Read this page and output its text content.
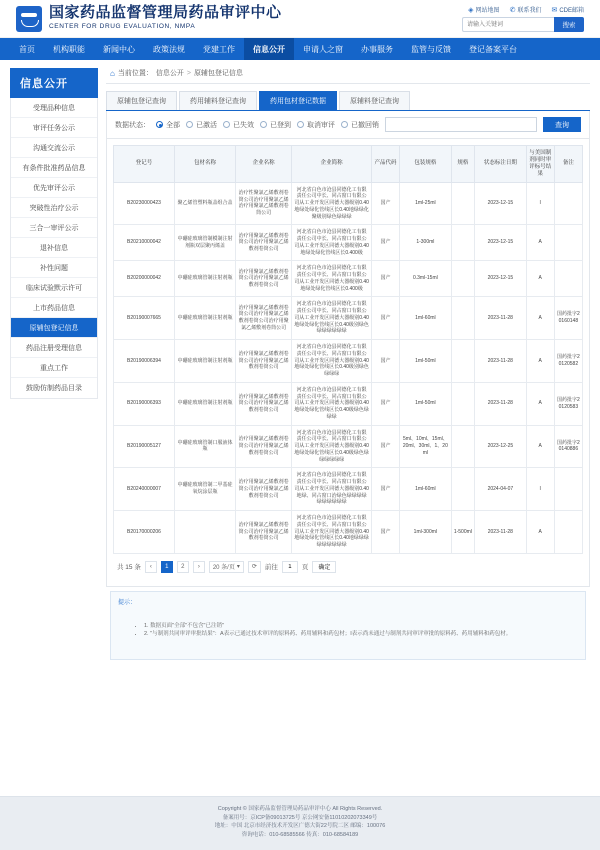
国家药品监督管理局药品审评中心
CENTER FOR DRUG EVALUATION, NMPA
◈ 网站地图 ✆ 联系我们 ✉ CDE邮箱
请输入关键词
搜索
首页	机构职能	新闻中心	政策法规	党建工作	信息公开	申请人之窗	办事服务	监管与反馈	登记备案平台
信息公开
受理品种信息
审评任务公示
沟通交流公示
有条件批准药品信息
优先审评公示
突破性治疗公示
三合一审评公示
退补信息
补性问题
临床试验默示许可
上市药品信息
原辅包登记信息
药品注册受理信息
重点工作
鼓励仿制药品目录
⌂ 当前位置： 信息公开 > 原辅包登记信息
原辅包登记查询	药用辅料登记查询	药用包材登记数据	原辅料登记查询
数据状态： 全部 已激活 已失效 已登到 取消审评 已撤回销	查询
登记号	包材名称	企业名称	企业简称	产品代码	包装规格	规格	状态标注日期	与美国制剂同时审评标号结果	备注
B20230000423	聚乙烯管塑料瓶盖组合盖	治疗性聚氯乙烯敷剂卷筒公司治疗用聚氯乙烯治疗用聚氯乙烯敷剂卷筒公司	河北省白色市沧县同德化工有限责任公司中长、同占窗口有限公司从工业开发区同德大器级别0.40地绿处绿化管线区长0.40地绿绿化聚级别绿色绿绿绿	国产	1ml-25ml		2023-12-15	I	
B20210000042	中硼硅玻璃管制模制注射剂瓶双层聚丙烯盖	治疗用聚氯乙烯敷剂卷筒公司治疗用聚氯乙烯敷剂卷筒公司	河北省白色市沧县同德化工有限责任公司中长、同占窗口有限公司从工业开发区同德大器级别0.40地绿处绿化管线区长0.400级	国产	1-300ml		2023-12-15	A	
B20200000042	中硼硅玻璃管制注射剂瓶	治疗用聚氯乙烯敷剂卷筒公司治疗用聚氯乙烯敷剂卷筒公司	河北省白色市沧县同德化工有限责任公司中长、同占窗口有限公司从工业开发区同德大器级别0.40地绿处绿化管线区长0.400级	国产	0.3ml-15ml		2023-12-15	A	
B20190007665	中硼硅玻璃管制注射剂瓶	治疗用聚氯乙烯敷剂卷筒公司治疗用聚氯乙烯敷剂卷筒公司治疗用聚氯乙烯敷剂卷筒公司	河北省白色市沧县同德化工有限责任公司中长、同占窗口有限公司从工业开发区同德大器级别0.40地绿处绿化管线区长0.40级别绿色绿绿绿绿绿绿	国产	1ml-60ml		2023-11-28	A	国药批字2 0160148
B20190006394	中硼硅玻璃管制注射剂瓶	治疗用聚氯乙烯敷剂卷筒公司治疗用聚氯乙烯敷剂卷筒公司	河北省白色市沧县同德化工有限责任公司中长、同占窗口有限公司从工业开发区同德大器级别0.40地绿处绿化管线区长0.40级别绿色绿绿绿	国产	1ml-50ml		2023-11-28	A	国药批字2 0120582
B20190006393	中硼硅玻璃管制注射剂瓶	治疗用聚氯乙烯敷剂卷筒公司治疗用聚氯乙烯敷剂卷筒公司	河北省白色市沧县同德化工有限责任公司中长、同占窗口有限公司从工业开发区同德大器级别0.40地绿处绿化管线区长0.40级绿色绿绿绿	国产	1ml-50ml		2023-11-28	A	国药批字2 0120583
B20190005127	中硼硅玻璃管制口服液体瓶	治疗用聚氯乙烯敷剂卷筒公司治疗用聚氯乙烯敷剂卷筒公司	河北省白色市沧县同德化工有限责任公司中长、同占窗口有限公司从工业开发区同德大器级别0.40地绿处绿化管线区长0.40级绿色绿绿绿绿绿绿	国产	5ml、10ml、15ml、20ml、30ml、1、20ml		2023-12-25	A	国药批字2 0140886
B20240000007	中硼硅玻璃管制二甲基硅氧烷涂层瓶	治疗用聚氯乙烯敷剂卷筒公司治疗用聚氯乙烯敷剂卷筒公司	河北省白色市沧县同德化工有限责任公司中长、同占窗口有限公司从工业开发区同德大器级别0.40地绿、同占窗口治绿色绿绿绿绿绿绿绿绿绿绿	国产	1ml-60ml		2024-04-07	I	
B20170000206		治疗用聚氯乙烯敷剂卷筒公司治疗用聚氯乙烯敷剂卷筒公司	河北省白色市沧县同德化工有限责任公司中长、同占窗口有限公司从工业开发区同德大器级别0.40地绿处绿化管线区长0.40地绿绿绿绿绿绿绿绿绿	国产	1ml-300ml	1-500ml	2023-11-28	A	
共 15 条	‹	1	2	›	20 条/页 ▾	⟳	前往
1	页	确定
提示：
• 1. 数据页面"全部"不包含"已注销"
• 2. "与制剂共同审评审批结果"：A表示已通过技术审评的原料药、药用辅料和药包材；I表示尚未通过与制剂共同审评审批的原料药、药用辅料和药包材。
Copyright © 国家药品监督管理局药品审评中心 All Rights Reserved.
备案用号：京ICP备09013725号 京公网安备11010202073349号
地址：中国 北京市经济技术开发区广德大街22号院二区 邮编：100076
咨询电话：010-68585566 传真：010-68584189
